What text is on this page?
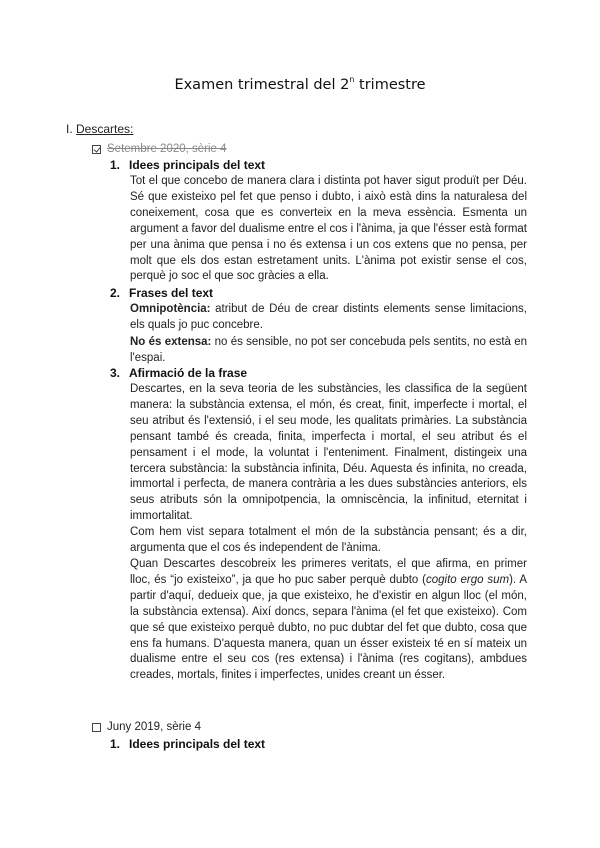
Examen trimestral del 2$^n$ trimestre
I. Descartes:
Setembre 2020, sèrie 4
1. Idees principals del text

Tot el que concebo de manera clara i distinta pot haver sigut produït per Déu. Sé que existeixo pel fet que penso i dubto, i això està dins la naturalesa del coneixement, cosa que es converteix en la meva essència. Esmenta un argument a favor del dualisme entre el cos i l'ànima, ja que l'ésser està format per una ànima que pensa i no és extensa i un cos extens que no pensa, per molt que els dos estan estretament units. L'ànima pot existir sense el cos, perquè jo soc el que soc gràcies a ella.

2. Frases del text

Omnipotència: atribut de Déu de crear distints elements sense limitacions, els quals jo puc concebre.

No és extensa: no és sensible, no pot ser concebuda pels sentits, no està en l'espai.

3. Afirmació de la frase

Descartes, en la seva teoria de les substàncies, les classifica de la següent manera: la substància extensa, el món, és creat, finit, imperfecte i mortal, el seu atribut és l'extensió, i el seu mode, les qualitats primàries. La substància pensant també és creada, finita, imperfecta i mortal, el seu atribut és el pensament i el mode, la voluntat i l'enteniment. Finalment, distingeix una tercera substància: la substància infinita, Déu. Aquesta és infinita, no creada, immortal i perfecta, de manera contrària a les dues substàncies anteriors, els seus atributs són la omnipotpencia, la omniscència, la infinitud, eternitat i immortalitat.

Com hem vist separa totalment el món de la substància pensant; és a dir, argumenta que el cos és independent de l'ànima.

Quan Descartes descobreix les primeres veritats, el que afirma, en primer lloc, és “jo existeixo”, ja que ho puc saber perquè dubto (cogito ergo sum). A partir d'aquí, dedueix que, ja que existeixo, he d'existir en algun lloc (el món, la substància extensa). Així doncs, separa l'ànima (el fet que existeixo). Com que sé que existeixo perquè dubto, no puc dubtar del fet que dubto, cosa que ens fa humans. D'aquesta manera, quan un ésser existeix té en sí mateix un dualisme entre el seu cos (res extensa) i l'ànima (res cogitans), ambdues creades, mortals, finites i imperfectes, unides creant un ésser.

Juny 2019, sèrie 4
1. Idees principals del text
